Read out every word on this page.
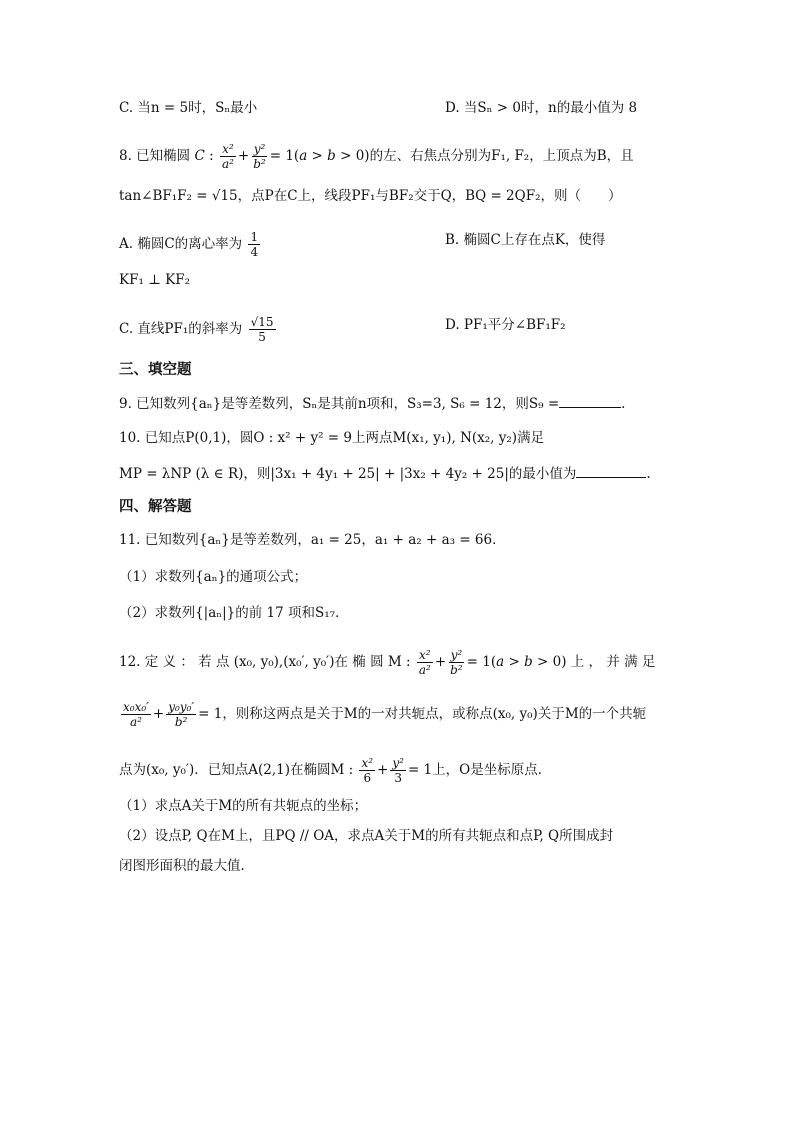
C. 当n = 5时，Sₙ最小	D. 当Sₙ > 0时，n的最小值为 8
8. 已知椭圆 C : $\frac{\text{x²}}{\text{a²}} + \frac{\text{y²}}{\text{b²}} = 1(a > b > 0)$的左、右焦点分别为F₁, F₂，上顶点为B，且
tan∠BF₁F₂ = √15，点P在C上，线段PF₁与BF₂交于Q，BQ = 2QF₂，则（　　）
A. 椭圆C的离心率为 $\frac{1}{4}$	B. 椭圆C上存在点K，使得
KF₁ ⊥ KF₂
C. 直线PF₁的斜率为 $\frac{√15}{5}$	D. PF₁平分∠BF₁F₂
三、填空题
9. 已知数列{aₙ}是等差数列，Sₙ是其前n项和，S₃=3, S₆ = 12，则S₉ =	.
10. 已知点P(0,1)，圆O : x² + y² = 9上两点M(x₁, y₁), N(x₂, y₂)满足
MP = λNP (λ ∈ R)，则|3x₁ + 4y₁ + 25| + |3x₂ + 4y₂ + 25|的最小值为	.
四、解答题
11. 已知数列{aₙ}是等差数列，a₁ = 25，a₁ + a₂ + a₃ = 66．
（1）求数列{aₙ}的通项公式；
（2）求数列{|aₙ|}的前 17 项和S₁₇．
12. 定 义 ： 若 点 (x₀, y₀),(x₀′, y₀′)在 椭 圆 M : $\frac{\text{x²}}{\text{a²}} + \frac{\text{y²}}{\text{b²}} = 1(a > b > 0)$ 上 ， 并 满 足
$\frac{\text{x₀x₀′}}{\text{a²}} + \frac{\text{y₀y₀′}}{\text{b²}} = 1$，则称这两点是关于M的一对共轭点，或称点(x₀, y₀)关于M的一个共轭
点为(x₀, y₀′)．已知点A(2,1)在椭圆M : $\frac{\text{x²}}{6} + \frac{\text{y²}}{3} = 1$上，O是坐标原点．
（1）求点A关于M的所有共轭点的坐标；
（2）设点P, Q在M上，且PQ // OA，求点A关于M的所有共轭点和点P, Q所围成封
闭图形面积的最大值．
